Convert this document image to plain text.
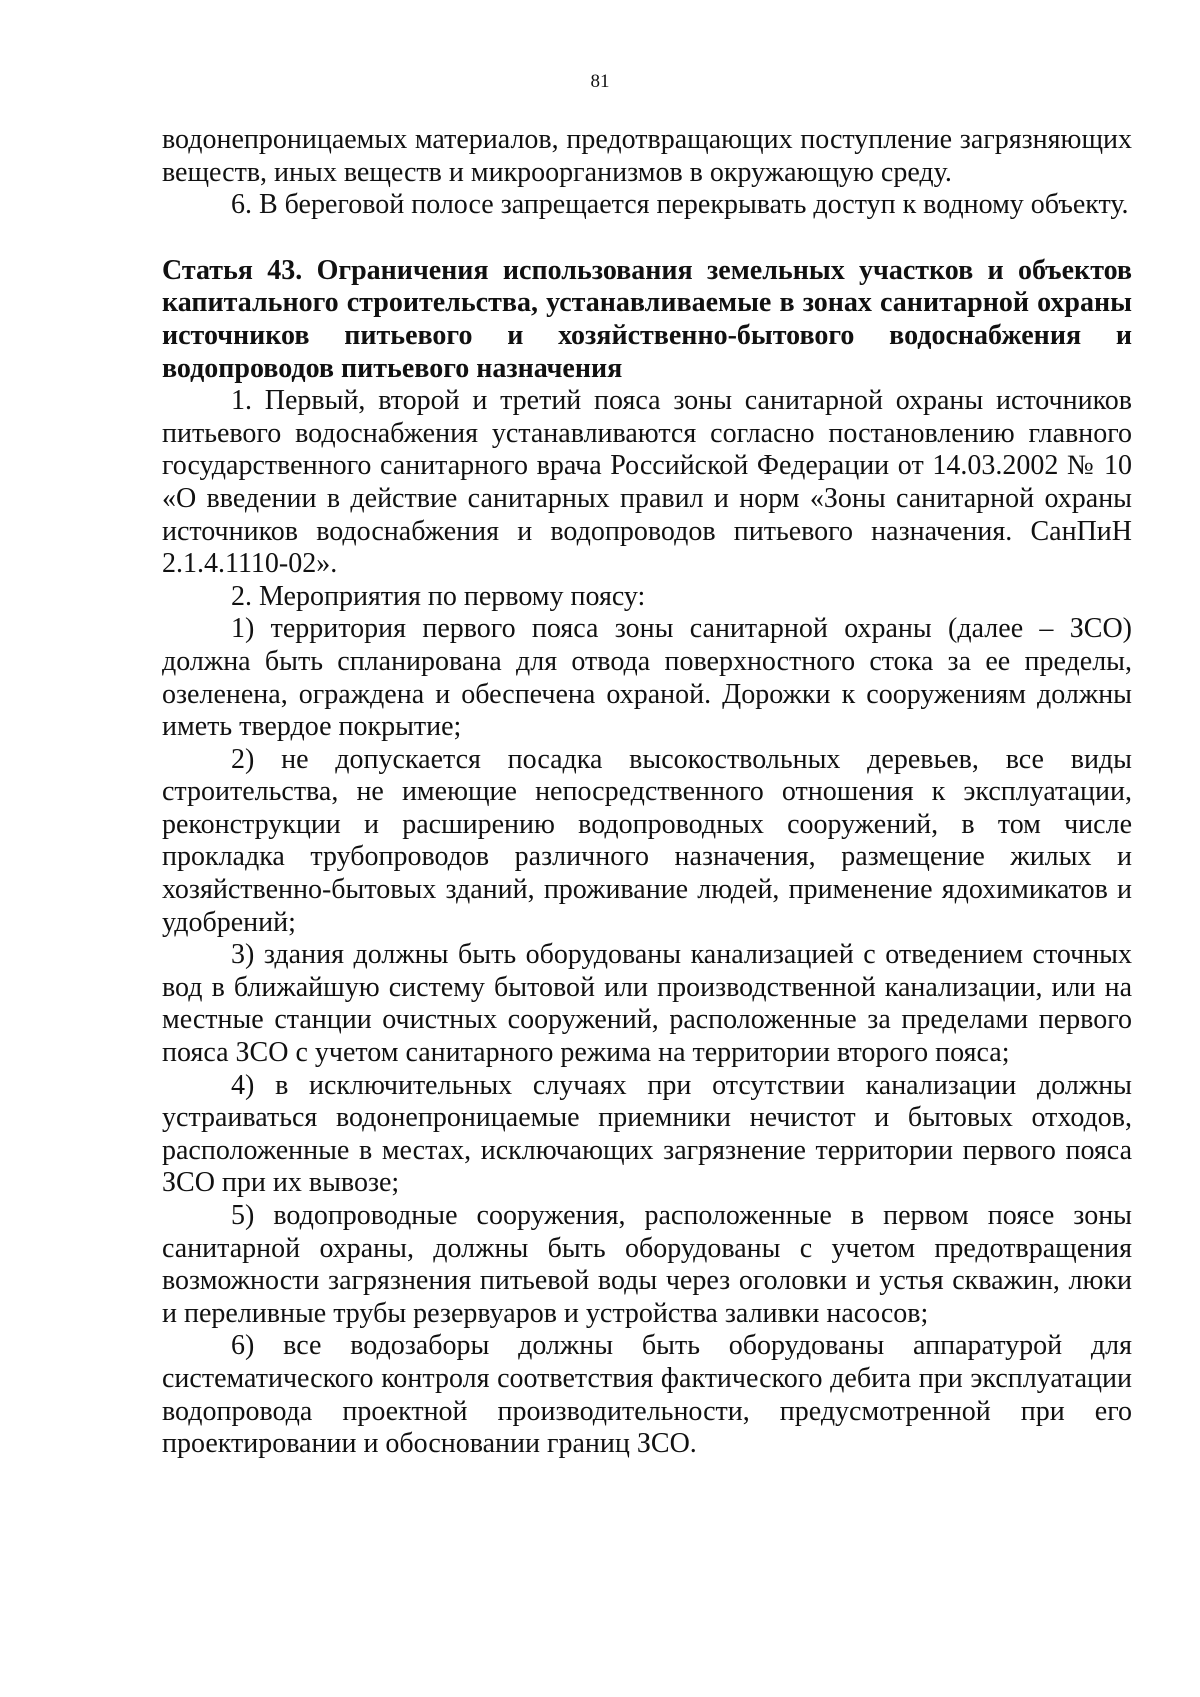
81

водонепроницаемых материалов, предотвращающих поступление загрязняющих веществ, иных веществ и микроорганизмов в окружающую среду.

6. В береговой полосе запрещается перекрывать доступ к водному объекту.

Статья 43. Ограничения использования земельных участков и объектов капитального строительства, устанавливаемые в зонах санитарной охраны источников питьевого и хозяйственно-бытового водоснабжения и водопроводов питьевого назначения

1. Первый, второй и третий пояса зоны санитарной охраны источников питьевого водоснабжения устанавливаются согласно постановлению главного государственного санитарного врача Российской Федерации от 14.03.2002 № 10 «О введении в действие санитарных правил и норм «Зоны санитарной охраны источников водоснабжения и водопроводов питьевого назначения. СанПиН 2.1.4.1110-02».

2. Мероприятия по первому поясу:

1) территория первого пояса зоны санитарной охраны (далее – ЗСО) должна быть спланирована для отвода поверхностного стока за ее пределы, озеленена, ограждена и обеспечена охраной. Дорожки к сооружениям должны иметь твердое покрытие;

2) не допускается посадка высокоствольных деревьев, все виды строительства, не имеющие непосредственного отношения к эксплуатации, реконструкции и расширению водопроводных сооружений, в том числе прокладка трубопроводов различного назначения, размещение жилых и хозяйственно-бытовых зданий, проживание людей, применение ядохимикатов и удобрений;

3) здания должны быть оборудованы канализацией с отведением сточных вод в ближайшую систему бытовой или производственной канализации, или на местные станции очистных сооружений, расположенные за пределами первого пояса ЗСО с учетом санитарного режима на территории второго пояса;

4) в исключительных случаях при отсутствии канализации должны устраиваться водонепроницаемые приемники нечистот и бытовых отходов, расположенные в местах, исключающих загрязнение территории первого пояса ЗСО при их вывозе;

5) водопроводные сооружения, расположенные в первом поясе зоны санитарной охраны, должны быть оборудованы с учетом предотвращения возможности загрязнения питьевой воды через оголовки и устья скважин, люки и переливные трубы резервуаров и устройства заливки насосов;

6) все водозаборы должны быть оборудованы аппаратурой для систематического контроля соответствия фактического дебита при эксплуатации водопровода проектной производительности, предусмотренной при его проектировании и обосновании границ ЗСО.
